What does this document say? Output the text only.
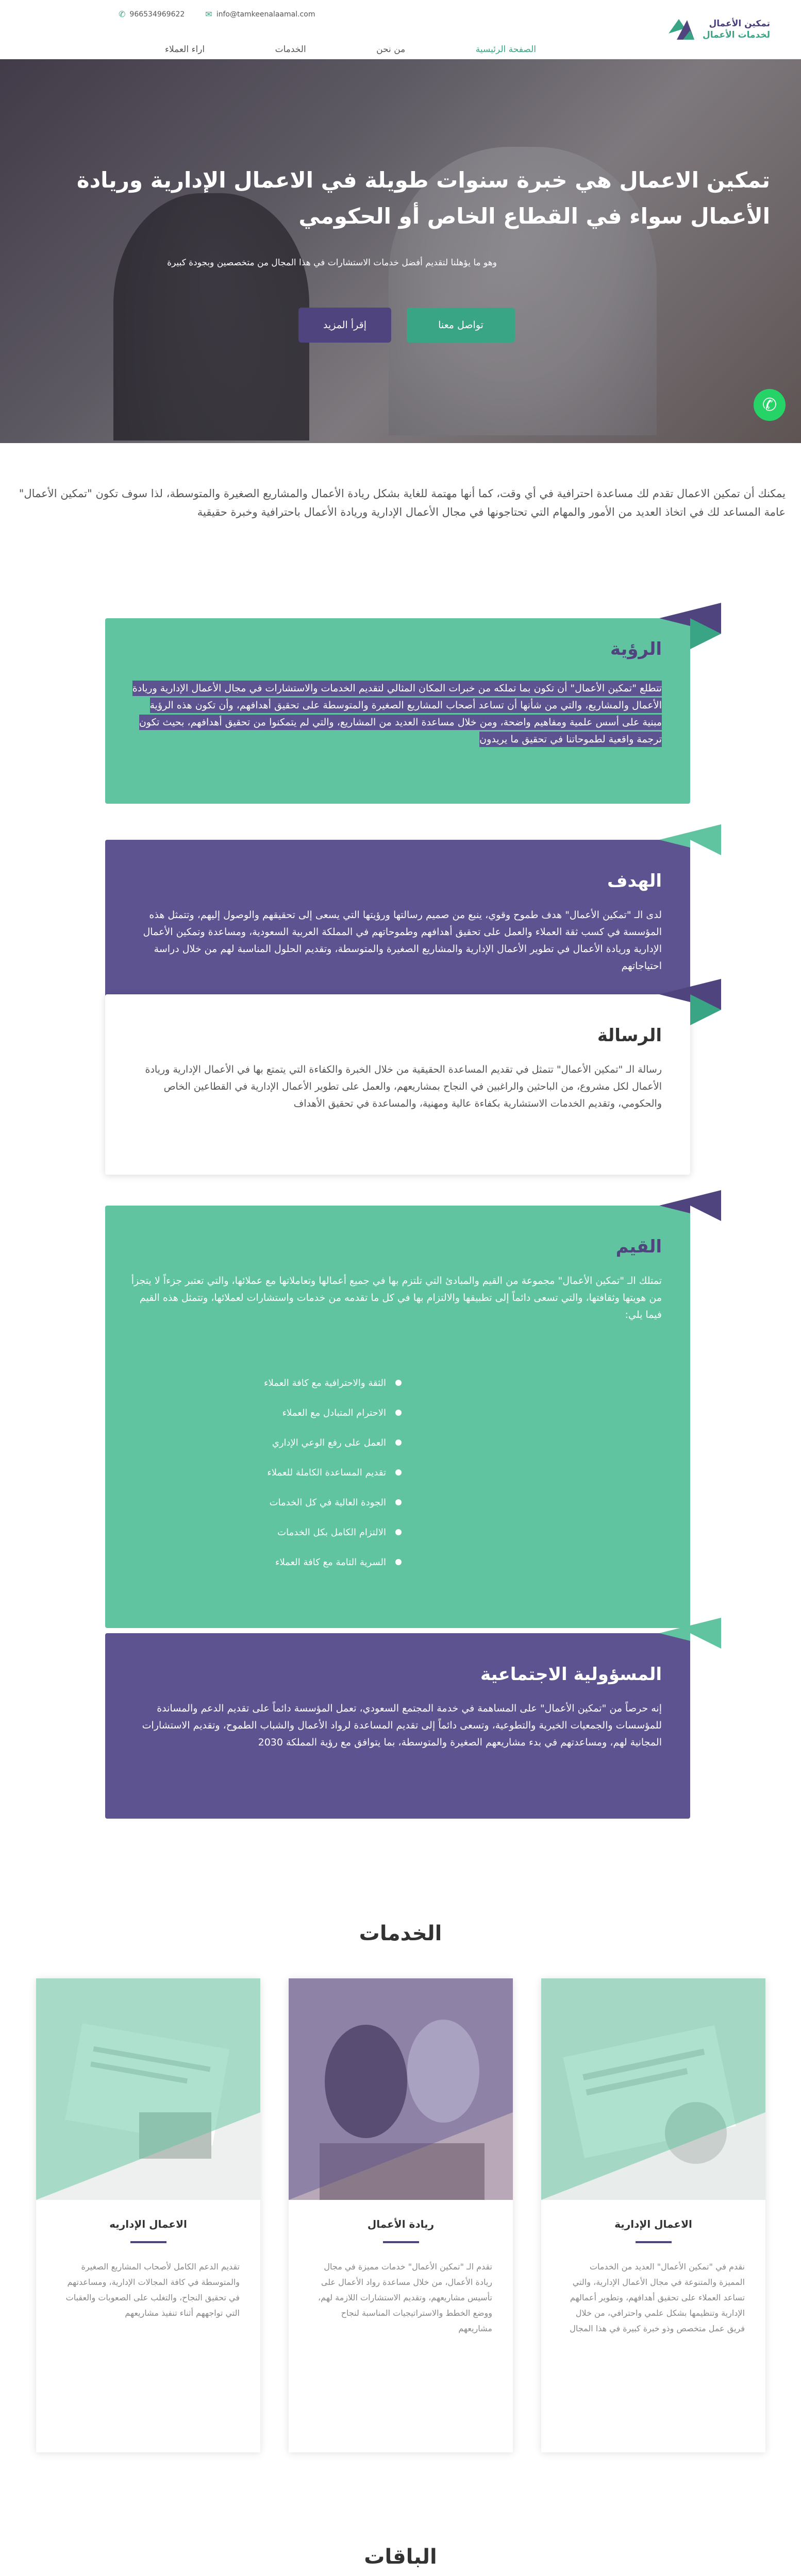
تمكين الأعمال
لخدمات الأعمال
✆ 966534969622	✉ info@tamkeenalaamal.com
الصفحة الرئيسية
من نحن
الخدمات
اراء العملاء
تمكين الاعمال هي خبرة سنوات طويلة في الاعمال الإدارية وريادة الأعمال سواء في القطاع الخاص أو الحكومي

وهو ما يؤهلنا لتقديم أفضل خدمات الاستشارات في هذا المجال من متخصصين وبجودة كبيرة

تواصل معنا
إقرأ المزيد
✆

يمكنك أن تمكين الاعمال تقدم لك مساعدة احترافية في أي وقت، كما أنها مهتمة للغاية بشكل ريادة الأعمال والمشاريع الصغيرة والمتوسطة، لذا سوف تكون "تمكين الأعمال" عامة المساعد لك في اتخاذ العديد من الأمور والمهام التي تحتاجونها في مجال الأعمال الإدارية وريادة الأعمال باحترافية وخبرة حقيقية

الرؤية

تتطلع "تمكين الأعمال" أن تكون بما تملكه من خبرات المكان المثالي لتقديم الخدمات والاستشارات في مجال الأعمال الإدارية وريادة الأعمال والمشاريع، والتي من شأنها أن تساعد أصحاب المشاريع الصغيرة والمتوسطة على تحقيق أهدافهم، وأن تكون هذه الرؤية مبنية على أسس علمية ومفاهيم واضحة، ومن خلال مساعدة العديد من المشاريع، والتي لم يتمكنوا من تحقيق أهدافهم، بحيث تكون ترجمة واقعية لطموحاتنا في تحقيق ما يريدون

الهدف

لدى الـ "تمكين الأعمال" هدف طموح وقوي، ينبع من صميم رسالتها ورؤيتها التي يسعى إلى تحقيقهم والوصول إليهم، وتتمثل هذه المؤسسة في كسب ثقة العملاء والعمل على تحقيق أهدافهم وطموحاتهم في المملكة العربية السعودية، ومساعدة وتمكين الأعمال الإدارية وريادة الأعمال في تطوير الأعمال الإدارية والمشاريع الصغيرة والمتوسطة، وتقديم الحلول المناسبة لهم من خلال دراسة احتياجاتهم

الرسالة

رسالة الـ "تمكين الأعمال" تتمثل في تقديم المساعدة الحقيقية من خلال الخبرة والكفاءة التي يتمتع بها في الأعمال الإدارية وريادة الأعمال لكل مشروع، من الباحثين والراغبين في النجاح بمشاريعهم، والعمل على تطوير الأعمال الإدارية في القطاعين الخاص والحكومي، وتقديم الخدمات الاستشارية بكفاءة عالية ومهنية، والمساعدة في تحقيق الأهداف

القيم

تمتلك الـ "تمكين الأعمال" مجموعة من القيم والمبادئ التي تلتزم بها في جميع أعمالها وتعاملاتها مع عملائها، والتي تعتبر جزءاً لا يتجزأ من هويتها وثقافتها، والتي تسعى دائماً إلى تطبيقها والالتزام بها في كل ما تقدمه من خدمات واستشارات لعملائها، وتتمثل هذه القيم فيما يلي:

الثقة والاحترافية مع كافة العملاء
الاحترام المتبادل مع العملاء
العمل على رفع الوعي الإداري
تقديم المساعدة الكاملة للعملاء
الجودة العالية في كل الخدمات
الالتزام الكامل بكل الخدمات
السرية التامة مع كافة العملاء
المسؤولية الاجتماعية

إنه حرصاً من "تمكين الأعمال" على المساهمة في خدمة المجتمع السعودي، تعمل المؤسسة دائماً على تقديم الدعم والمساندة للمؤسسات والجمعيات الخيرية والتطوعية، وتسعى دائماً إلى تقديم المساعدة لرواد الأعمال والشباب الطموح، وتقديم الاستشارات المجانية لهم، ومساعدتهم في بدء مشاريعهم الصغيرة والمتوسطة، بما يتوافق مع رؤية المملكة 2030

الخدمات
الاعمال الإدارية

نقدم في "تمكين الأعمال" العديد من الخدمات المميزة والمتنوعة في مجال الأعمال الإدارية، والتي تساعد العملاء على تحقيق أهدافهم، وتطوير أعمالهم الإدارية وتنظيمها بشكل علمي واحترافي، من خلال فريق عمل متخصص وذو خبرة كبيرة في هذا المجال

ريادة الأعمال

تقدم الـ "تمكين الأعمال" خدمات مميزة في مجال ريادة الأعمال، من خلال مساعدة رواد الأعمال على تأسيس مشاريعهم، وتقديم الاستشارات اللازمة لهم، ووضع الخطط والاستراتيجيات المناسبة لنجاح مشاريعهم

الاعمال الإداريه

تقديم الدعم الكامل لأصحاب المشاريع الصغيرة والمتوسطة في كافة المجالات الإدارية، ومساعدتهم في تحقيق النجاح، والتغلب على الصعوبات والعقبات التي تواجههم أثناء تنفيذ مشاريعهم

الباقات
